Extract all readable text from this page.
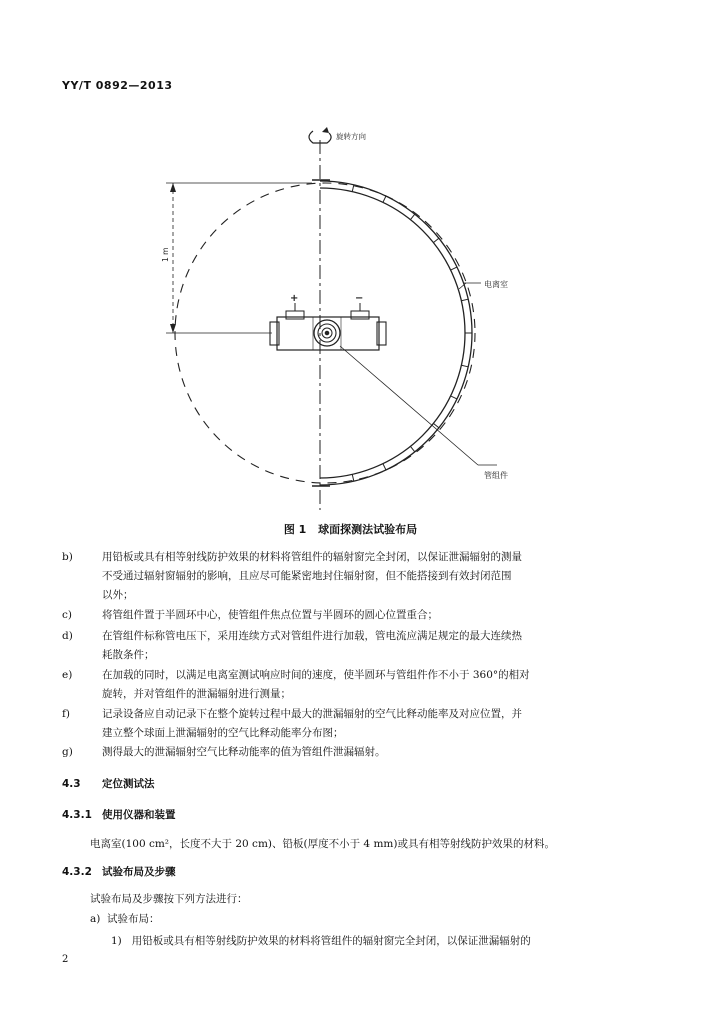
YY/T 0892—2013
旋转方向
1 m
+	−
电离室
管组件
图 1 球面探测法试验布局
b)	用铅板或具有相等射线防护效果的材料将管组件的辐射窗完全封闭，以保证泄漏辐射的测量
不受通过辐射窗辐射的影响，且应尽可能紧密地封住辐射窗，但不能搭接到有效封闭范围
以外；
c)	将管组件置于半圆环中心，使管组件焦点位置与半圆环的圆心位置重合；
d)	在管组件标称管电压下，采用连续方式对管组件进行加载，管电流应满足规定的最大连续热
耗散条件；
e)	在加载的同时，以满足电离室测试响应时间的速度，使半圆环与管组件作不小于 360°的相对
旋转，并对管组件的泄漏辐射进行测量；
f)	记录设备应自动记录下在整个旋转过程中最大的泄漏辐射的空气比释动能率及对应位置，并
建立整个球面上泄漏辐射的空气比释动能率分布图；
g)	测得最大的泄漏辐射空气比释动能率的值为管组件泄漏辐射。
4.3 定位测试法
4.3.1 使用仪器和装置
电离室(100 cm²，长度不大于 20 cm)、铅板(厚度不小于 4 mm)或具有相等射线防护效果的材料。
4.3.2 试验布局及步骤
试验布局及步骤按下列方法进行：
a) 试验布局：
1) 用铅板或具有相等射线防护效果的材料将管组件的辐射窗完全封闭，以保证泄漏辐射的
2
